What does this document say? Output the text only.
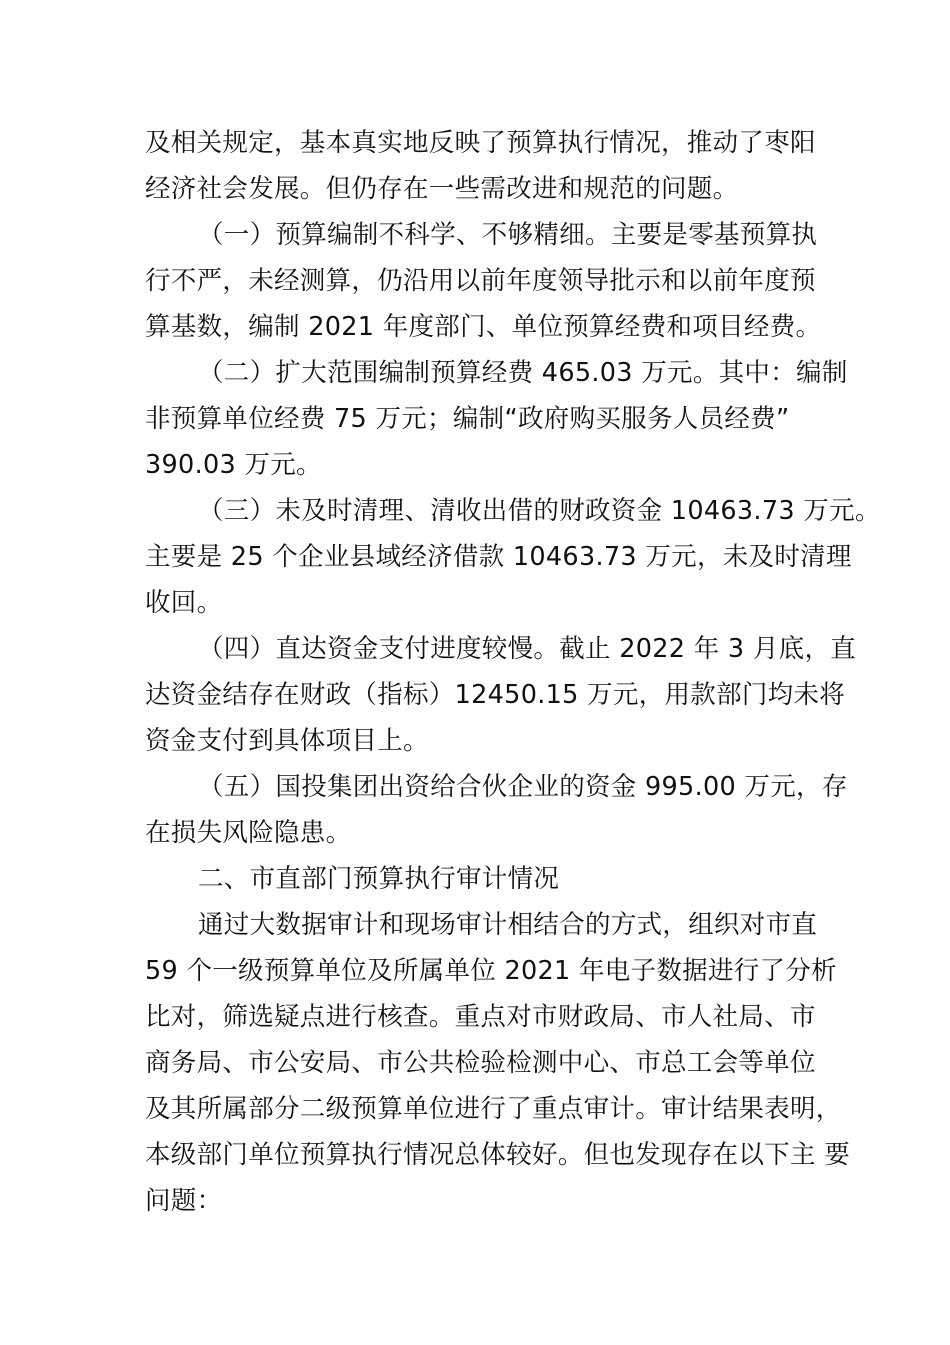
及相关规定，基本真实地反映了预算执行情况，推动了枣阳
经济社会发展。但仍存在一些需改进和规范的问题。
（一）预算编制不科学、不够精细。主要是零基预算执
行不严，未经测算，仍沿用以前年度领导批示和以前年度预
算基数，编制 2021 年度部门、单位预算经费和项目经费。
（二）扩大范围编制预算经费 465.03 万元。其中：编制
非预算单位经费 75 万元；编制“政府购买服务人员经费”
390.03 万元。
（三）未及时清理、清收出借的财政资金 10463.73 万元。
主要是 25 个企业县域经济借款 10463.73 万元，未及时清理
收回。
（四）直达资金支付进度较慢。截止 2022 年 3 月底，直
达资金结存在财政（指标）12450.15 万元，用款部门均未将
资金支付到具体项目上。
（五）国投集团出资给合伙企业的资金 995.00 万元，存
在损失风险隐患。
二、市直部门预算执行审计情况
通过大数据审计和现场审计相结合的方式，组织对市直
59 个一级预算单位及所属单位 2021 年电子数据进行了分析
比对，筛选疑点进行核查。重点对市财政局、市人社局、市
商务局、市公安局、市公共检验检测中心、市总工会等单位
及其所属部分二级预算单位进行了重点审计。审计结果表明，
本级部门单位预算执行情况总体较好。但也发现存在以下主 要
问题：
